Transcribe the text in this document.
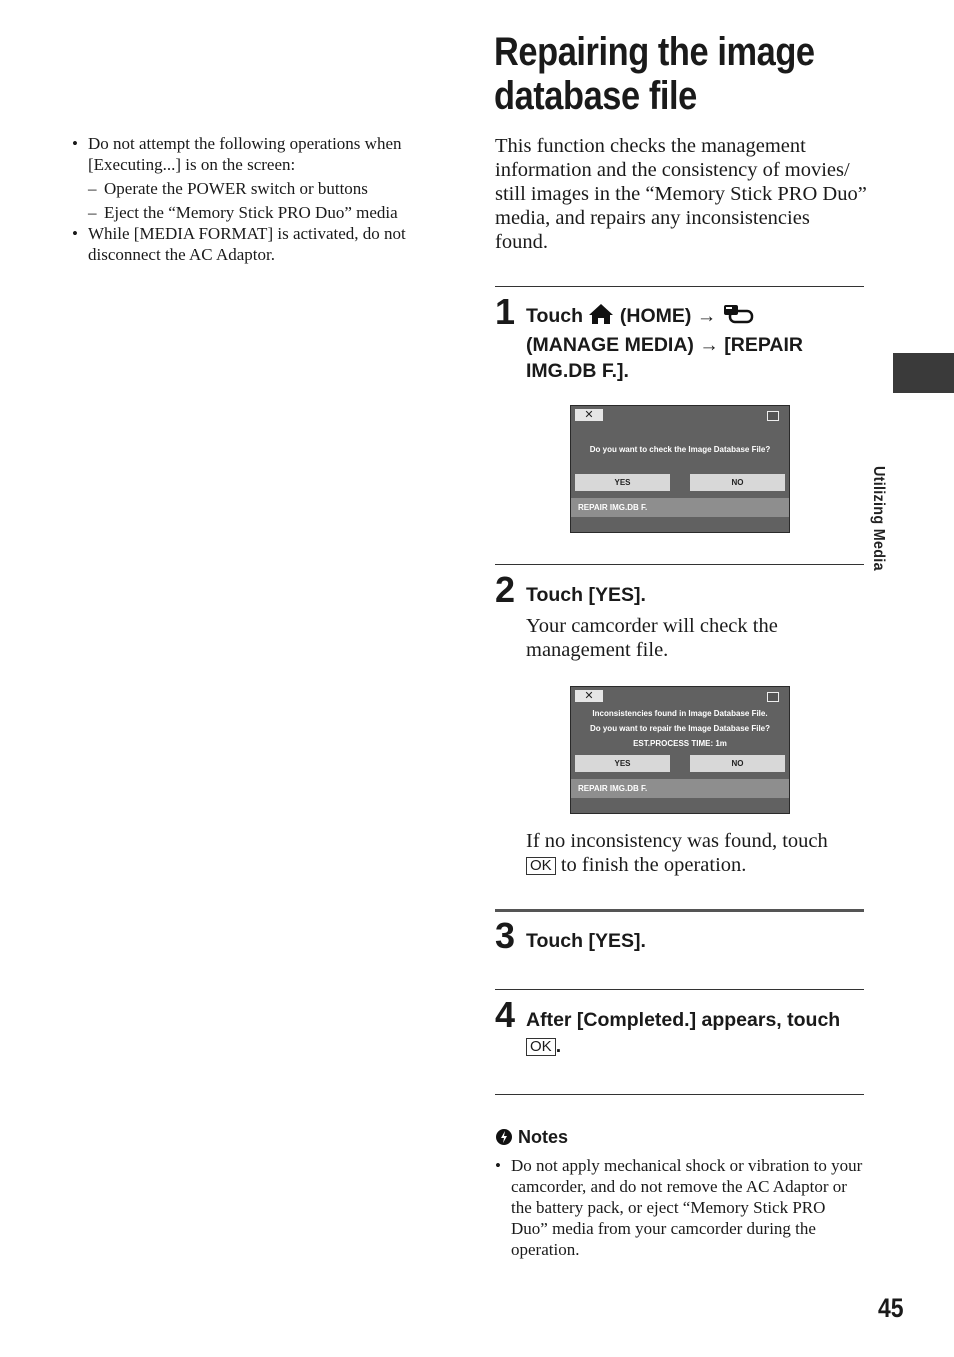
• Do not attempt the following operations when [Executing...] is on the screen:
– Operate the POWER switch or buttons
– Eject the “Memory Stick PRO Duo” media
• While [MEDIA FORMAT] is activated, do not disconnect the AC Adaptor.
Repairing the image database file
This function checks the management information and the consistency of movies/ still images in the “Memory Stick PRO Duo” media, and repairs any inconsistencies found.
1 Touch (HOME) →
(MANAGE MEDIA) → [REPAIR IMG.DB F.].
✕
Do you want to check the Image Database File?
YES	NO
REPAIR IMG.DB F.
2 Touch [YES].
Your camcorder will check the management file.
✕
Inconsistencies found in Image Database File.
Do you want to repair the Image Database File?
EST.PROCESS TIME: 1m
YES	NO
REPAIR IMG.DB F.
If no inconsistency was found, touch
OK to finish the operation.
3 Touch [YES].
4 After [Completed.] appears, touch
OK .
Notes
• Do not apply mechanical shock or vibration to your camcorder, and do not remove the AC Adaptor or the battery pack, or eject “Memory Stick PRO Duo” media from your camcorder during the operation.
Utilizing Media
45
